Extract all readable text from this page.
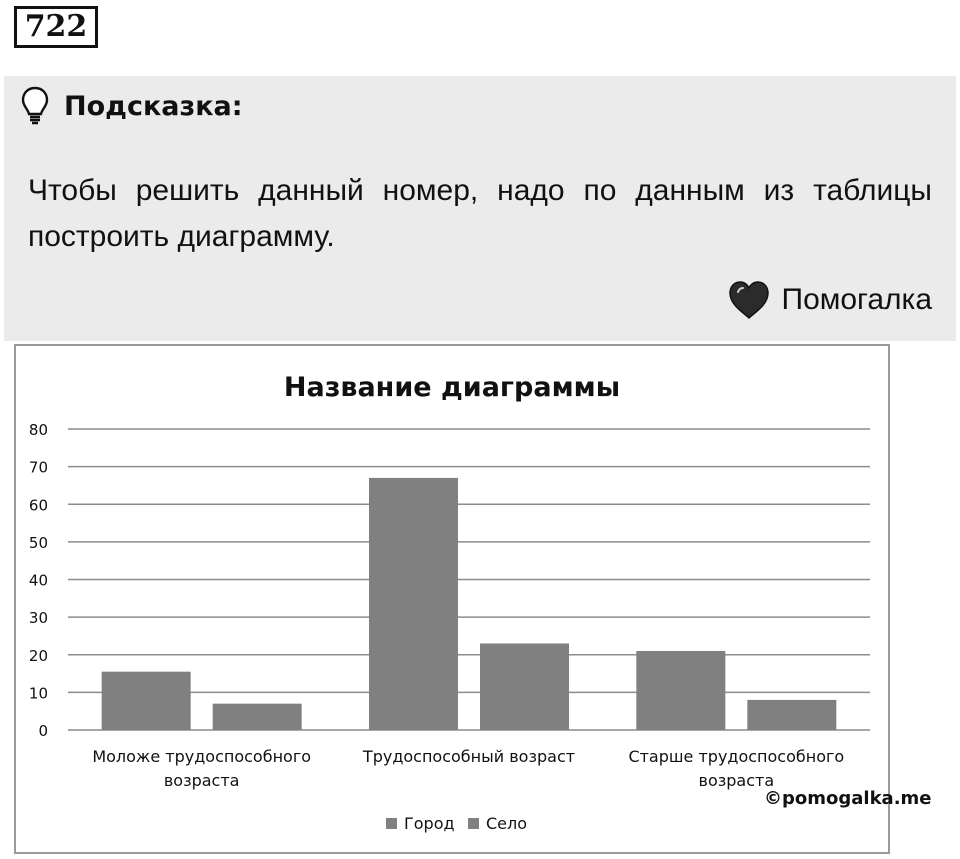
722
Подсказка:
Чтобы решить данный номер, надо по данным из таблицы построить диаграмму.
Помогалка
Название диаграммы
0
10
20
30
40
50
60
70
80
Моложе трудоспособного
возраста
Трудоспособный возраст	Старше трудоспособного
возраста
Город Село
©pomogalka.me
